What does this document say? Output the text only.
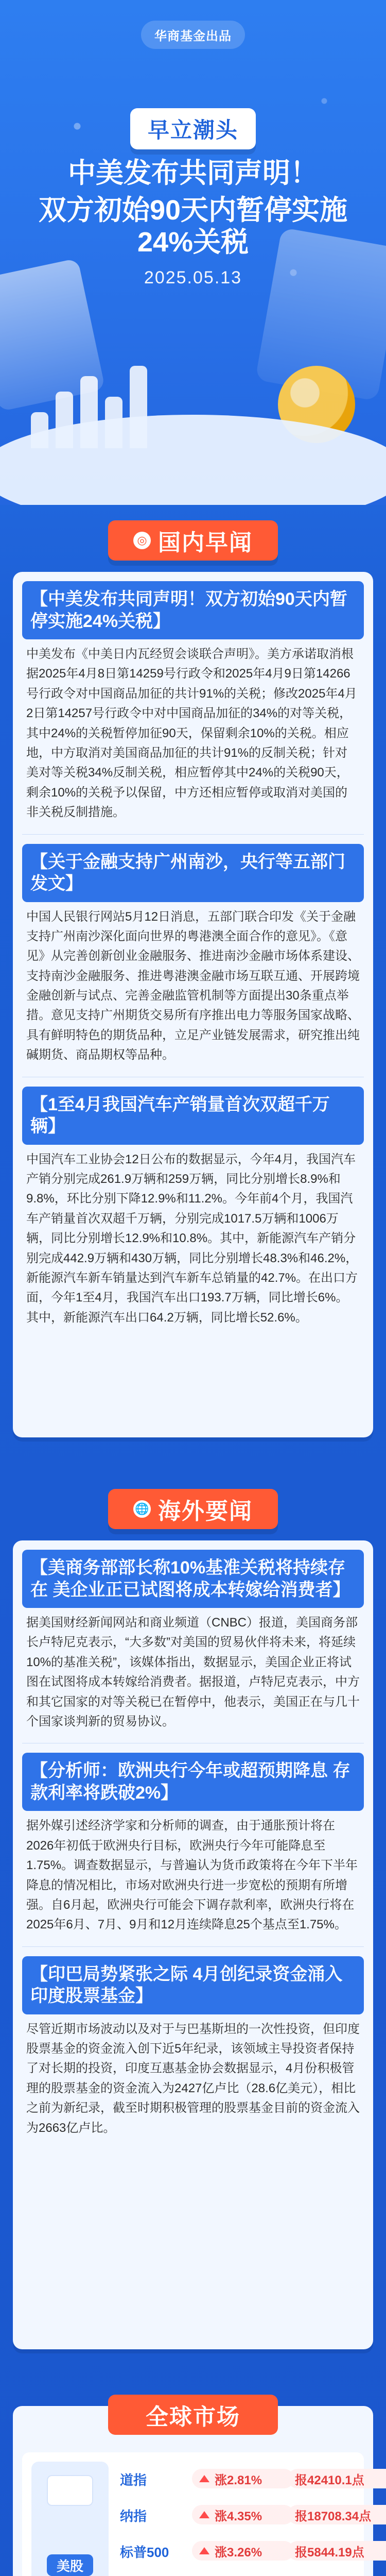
华商基金出品
早立潮头
中美发布共同声明！
双方初始90天内暂停实施24%关税
2025.05.13
◎ 国内早闻
【中美发布共同声明！双方初始90天内暂停实施24%关税】
中美发布《中美日内瓦经贸会谈联合声明》。美方承诺取消根据2025年4月8日第14259号行政令和2025年4月9日第14266号行政令对中国商品加征的共计91%的关税；修改2025年4月2日第14257号行政令中对中国商品加征的34%的对等关税，其中24%的关税暂停加征90天，保留剩余10%的关税。相应地，中方取消对美国商品加征的共计91%的反制关税；针对美对等关税34%反制关税，相应暂停其中24%的关税90天，剩余10%的关税予以保留，中方还相应暂停或取消对美国的非关税反制措施。
【关于金融支持广州南沙，央行等五部门发文】
中国人民银行网站5月12日消息，五部门联合印发《关于金融支持广州南沙深化面向世界的粤港澳全面合作的意见》。《意见》从完善创新创业金融服务、推进南沙金融市场体系建设、支持南沙金融服务、推进粤港澳金融市场互联互通、开展跨境金融创新与试点、完善金融监管机制等方面提出30条重点举措。意见支持广州期货交易所有序推出电力等服务国家战略、具有鲜明特色的期货品种，立足产业链发展需求，研究推出纯碱期货、商品期权等品种。
【1至4月我国汽车产销量首次双超千万辆】
中国汽车工业协会12日公布的数据显示，今年4月，我国汽车产销分别完成261.9万辆和259万辆，同比分别增长8.9%和9.8%，环比分别下降12.9%和11.2%。今年前4个月，我国汽车产销量首次双超千万辆，分别完成1017.5万辆和1006万辆，同比分别增长12.9%和10.8%。其中，新能源汽车产销分别完成442.9万辆和430万辆，同比分别增长48.3%和46.2%，新能源汽车新车销量达到汽车新车总销量的42.7%。在出口方面，今年1至4月，我国汽车出口193.7万辆，同比增长6%。其中，新能源汽车出口64.2万辆，同比增长52.6%。
🌐 海外要闻
【美商务部部长称10%基准关税将持续存在 美企业正已试图将成本转嫁给消费者】
据美国财经新闻网站和商业频道（CNBC）报道，美国商务部长卢特尼克表示，“大多数”对美国的贸易伙伴将未来，将延续10%的基准关税”，该媒体指出，数据显示，美国企业正将试图在试图将成本转嫁给消费者。据报道，卢特尼克表示，中方和其它国家的对等关税已在暂停中，他表示，美国正在与几十个国家谈判新的贸易协议。
【分析师：欧洲央行今年或超预期降息 存款利率将跌破2%】
据外媒引述经济学家和分析师的调查，由于通胀预计将在2026年初低于欧洲央行目标，欧洲央行今年可能降息至1.75%。调查数据显示，与普遍认为货币政策将在今年下半年降息的情况相比，市场对欧洲央行进一步宽松的预期有所增强。自6月起，欧洲央行可能会下调存款利率，欧洲央行将在2025年6月、7月、9月和12月连续降息25个基点至1.75%。
【印巴局势紧张之际 4月创纪录资金涌入印度股票基金】
尽管近期市场波动以及对于与巴基斯坦的一次性投资，但印度股票基金的资金流入创下近5年纪录，该领域主导投资者保持了对长期的投资，印度互惠基金协会数据显示，4月份积极管理的股票基金的资金流入为2427亿卢比（28.6亿美元），相比之前为新纪录，截至时期积极管理的股票基金目前的资金流入为2663亿卢比。
全球市场
美股
道指	涨2.81%	报42410.1点
纳指	涨4.35%	报18708.34点
标普500	涨3.26%	报5844.19点
